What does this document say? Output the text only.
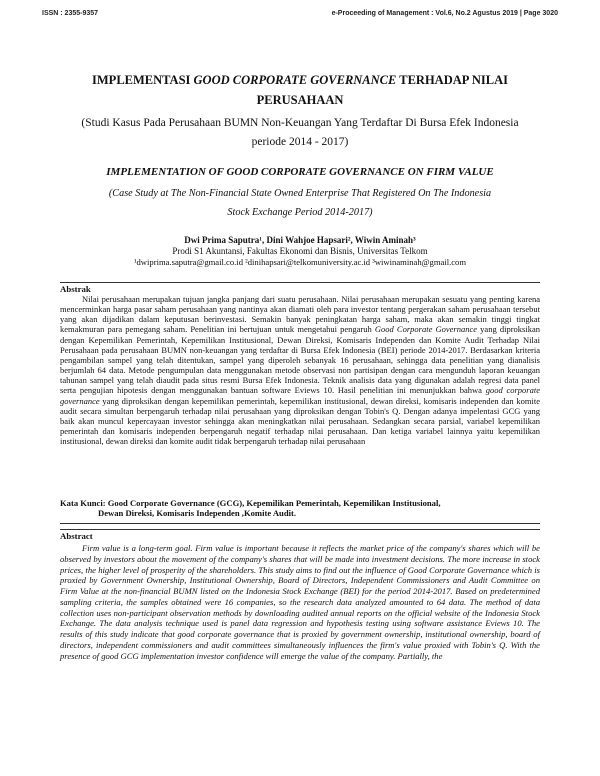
ISSN : 2355-9357	e-Proceeding of Management : Vol.6, No.2 Agustus 2019 | Page 3020
IMPLEMENTASI GOOD CORPORATE GOVERNANCE TERHADAP NILAI
PERUSAHAAN
(Studi Kasus Pada Perusahaan BUMN Non-Keuangan Yang Terdaftar Di Bursa Efek Indonesia
periode 2014 - 2017)
IMPLEMENTATION OF GOOD CORPORATE GOVERNANCE ON FIRM VALUE
(Case Study at The Non-Financial State Owned Enterprise That Registered On The Indonesia
Stock Exchange Period 2014-2017)
Dwi Prima Saputra¹, Dini Wahjoe Hapsari², Wiwin Aminah³
Prodi S1 Akuntansi, Fakultas Ekonomi dan Bisnis, Universitas Telkom
¹dwiprima.saputra@gmail.co.id ²dinihapsari@telkomuniversity.ac.id ³wiwinaminah@gmail.com
Abstrak

Nilai perusahaan merupakan tujuan jangka panjang dari suatu perusahaan. Nilai perusahaan merupakan sesuatu yang penting karena mencerminkan harga pasar saham perusahaan yang nantinya akan diamati oleh para investor tentang pergerakan saham perusahaan tersebut yang akan dijadikan dalam keputusan berinvestasi. Semakin banyak peningkatan harga saham, maka akan semakin tinggi tingkat kemakmuran para pemegang saham. Penelitian ini bertujuan untuk mengetahui pengaruh Good Corporate Governance yang diproksikan dengan Kepemilikan Pemerintah, Kepemilikan Institusional, Dewan Direksi, Komisaris Independen dan Komite Audit Terhadap Nilai Perusahaan pada perusahaan BUMN non-keuangan yang terdaftar di Bursa Efek Indonesia (BEI) periode 2014-2017. Berdasarkan kriteria pengambilan sampel yang telah ditentukan, sampel yang diperoleh sebanyak 16 perusahaan, sehingga data penelitian yang dianalisis berjumlah 64 data. Metode pengumpulan data menggunakan metode observasi non partisipan dengan cara mengunduh laporan keuangan tahunan sampel yang telah diaudit pada situs resmi Bursa Efek Indonesia. Teknik analisis data yang digunakan adalah regresi data panel serta pengujian hipotesis dengan menggunakan bantuan software Eviews 10. Hasil penelitian ini menunjukkan bahwa good corporate governance yang diproksikan dengan kepemilikan pemerintah, kepemilikan institusional, dewan direksi, komisaris independen dan komite audit secara simultan berpengaruh terhadap nilai perusahaan yang diproksikan dengan Tobin's Q. Dengan adanya impelentasi GCG yang baik akan muncul kepercayaan investor sehingga akan meningkatkan nilai perusahaan. Sedangkan secara parsial, variabel kepemilikan pemerintah dan komisaris independen berpengaruh negatif terhadap nilai perusahaan. Dan ketiga variabel lainnya yaitu kepemilikan institusional, dewan direksi dan komite audit tidak berpengaruh terhadap nilai perusahaan

Kata Kunci: Good Corporate Governance (GCG), Kepemilikan Pemerintah, Kepemilikan Institusional,
Dewan Direksi, Komisaris Independen ,Komite Audit.
Abstract

Firm value is a long-term goal. Firm value is important because it reflects the market price of the company's shares which will be observed by investors about the movement of the company's shares that will be made into investment decisions. The more increase in stock prices, the higher level of prosperity of the shareholders. This study aims to find out the influence of Good Corporate Governance which is proxied by Government Ownership, Institutional Ownership, Board of Directors, Independent Commissioners and Audit Committee on Firm Value at the non-financial BUMN listed on the Indonesia Stock Exchange (BEI) for the period 2014-2017. Based on predetermined sampling criteria, the samples obtained were 16 companies, so the research data analyzed amounted to 64 data. The method of data collection uses non-participant observation methods by downloading audited annual reports on the official website of the Indonesia Stock Exchange. The data analysis technique used is panel data regression and hypothesis testing using software assistance Eviews 10. The results of this study indicate that good corporate governance that is proxied by government ownership, institutional ownership, board of directors, independent commissioners and audit committees simultaneously influences the firm's value proxied with Tobin's Q. With the presence of good GCG implementation investor confidence will emerge the value of the company. Partially, the
